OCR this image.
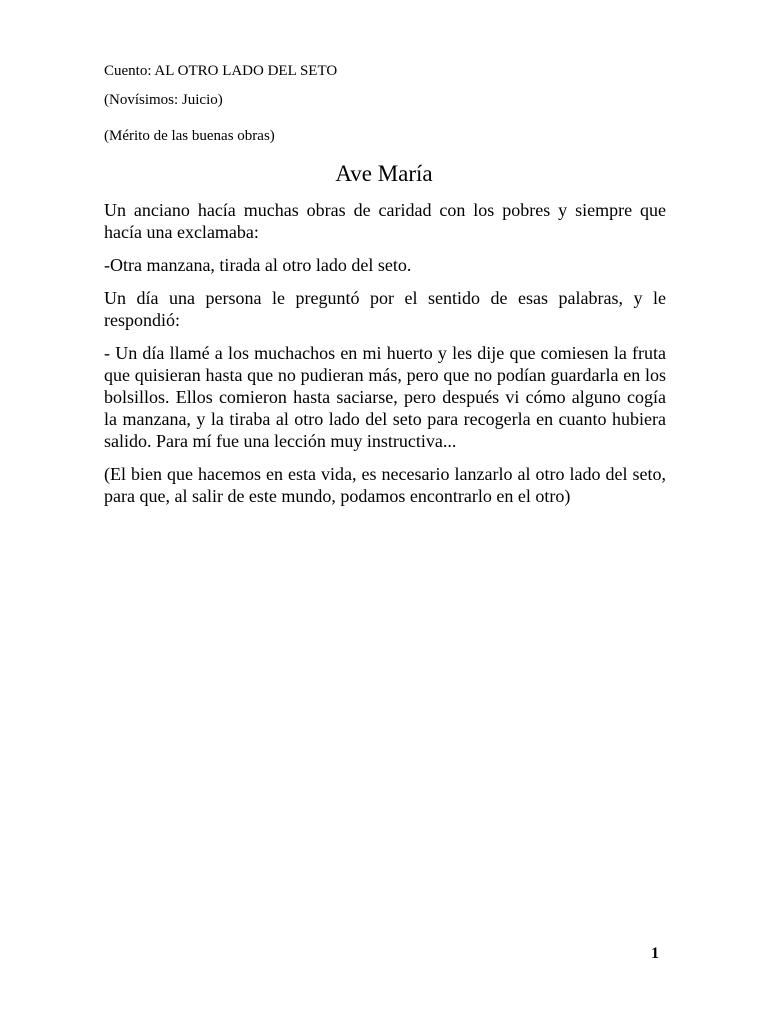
Cuento: AL OTRO LADO DEL SETO
(Novísimos: Juicio)
(Mérito de las buenas obras)
Ave María

Un anciano hacía muchas obras de caridad con los pobres y siempre que hacía una exclamaba:

-Otra manzana, tirada al otro lado del seto.

Un día una persona le preguntó por el sentido de esas palabras, y le respondió:

- Un día llamé a los muchachos en mi huerto y les dije que comiesen la fruta que quisieran hasta que no pudieran más, pero que no podían guardarla en los bolsillos. Ellos comieron hasta saciarse, pero después vi cómo alguno cogía la manzana, y la tiraba al otro lado del seto para recogerla en cuanto hubiera salido. Para mí fue una lección muy instructiva...

(El bien que hacemos en esta vida, es necesario lanzarlo al otro lado del seto, para que, al salir de este mundo, podamos encontrarlo en el otro)

1
